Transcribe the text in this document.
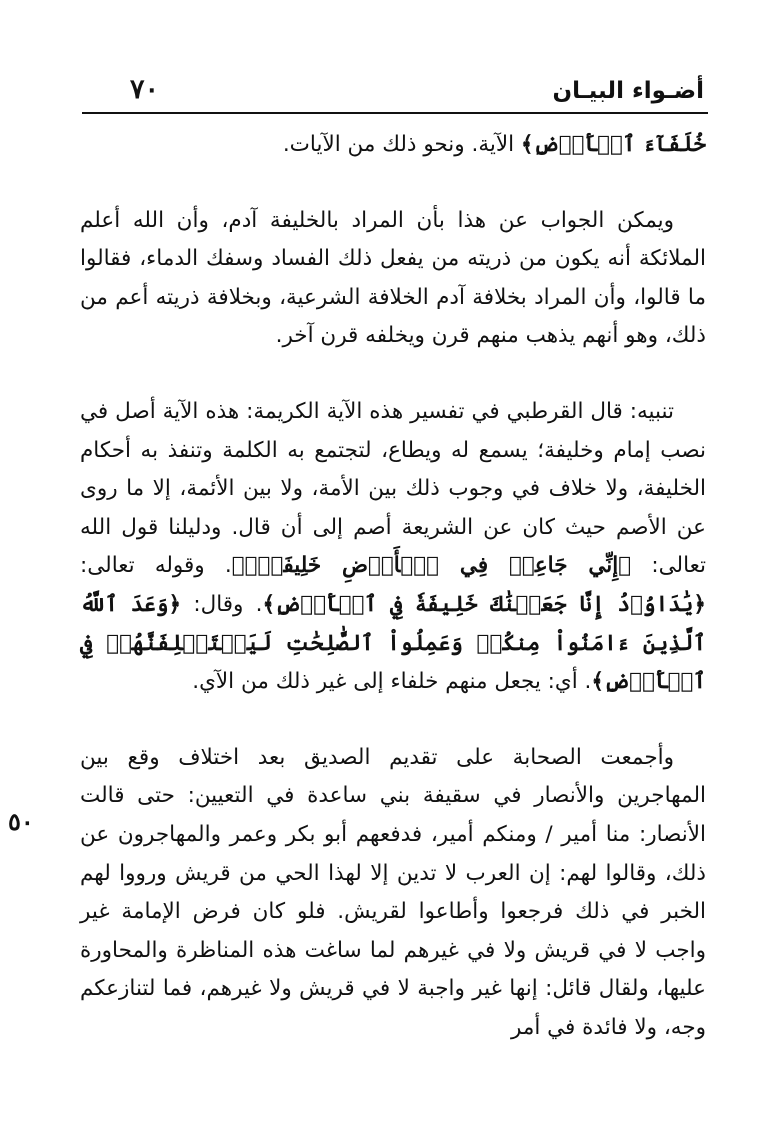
٧٠	أضـواء البيـان
٥٠

خُلَفَآءَ ٱلۡأَرۡضِ﴾ الآية. ونحو ذلك من الآيات.

ويمكن الجواب عن هذا بأن المراد بالخليفة آدم، وأن الله أعلم الملائكة أنه يكون من ذريته من يفعل ذلك الفساد وسفك الدماء، فقالوا ما قالوا، وأن المراد بخلافة آدم الخلافة الشرعية، وبخلافة ذريته أعم من ذلك، وهو أنهم يذهب منهم قرن ويخلفه قرن آخر.

تنبيه: قال القرطبي في تفسير هذه الآية الكريمة: هذه الآية أصل في نصب إمام وخليفة؛ يسمع له ويطاع، لتجتمع به الكلمة وتنفذ به أحكام الخليفة، ولا خلاف في وجوب ذلك بين الأمة، ولا بين الأئمة، إلا ما روى عن الأصم حيث كان عن الشريعة أصم إلى أن قال. ودليلنا قول الله تعالى: ﴿إِنِّي جَاعِلٞ فِي ٱلۡأَرۡضِ خَلِيفَةٗۖ﴾. وقوله تعالى: ﴿يَٰدَاوُۥدُ إِنَّا جَعَلۡنَٰكَ خَلِيفَةٗ فِي ٱلۡأَرۡضِ﴾. وقال: ﴿وَعَدَ ٱللَّهُ ٱلَّذِينَ ءَامَنُواْ مِنكُمۡ وَعَمِلُواْ ٱلصَّٰلِحَٰتِ لَيَسۡتَخۡلِفَنَّهُمۡ فِي ٱلۡأَرۡضِ﴾. أي: يجعل منهم خلفاء إلى غير ذلك من الآي.

وأجمعت الصحابة على تقديم الصديق بعد اختلاف وقع بين المهاجرين والأنصار في سقيفة بني ساعدة في التعيين: حتى قالت الأنصار: منا أمير / ومنكم أمير، فدفعهم أبو بكر وعمر والمهاجرون عن ذلك، وقالوا لهم: إن العرب لا تدين إلا لهذا الحي من قريش ورووا لهم الخبر في ذلك فرجعوا وأطاعوا لقريش. فلو كان فرض الإمامة غير واجب لا في قريش ولا في غيرهم لما ساغت هذه المناظرة والمحاورة عليها، ولقال قائل: إنها غير واجبة لا في قريش ولا غيرهم، فما لتنازعكم وجه، ولا فائدة في أمر
